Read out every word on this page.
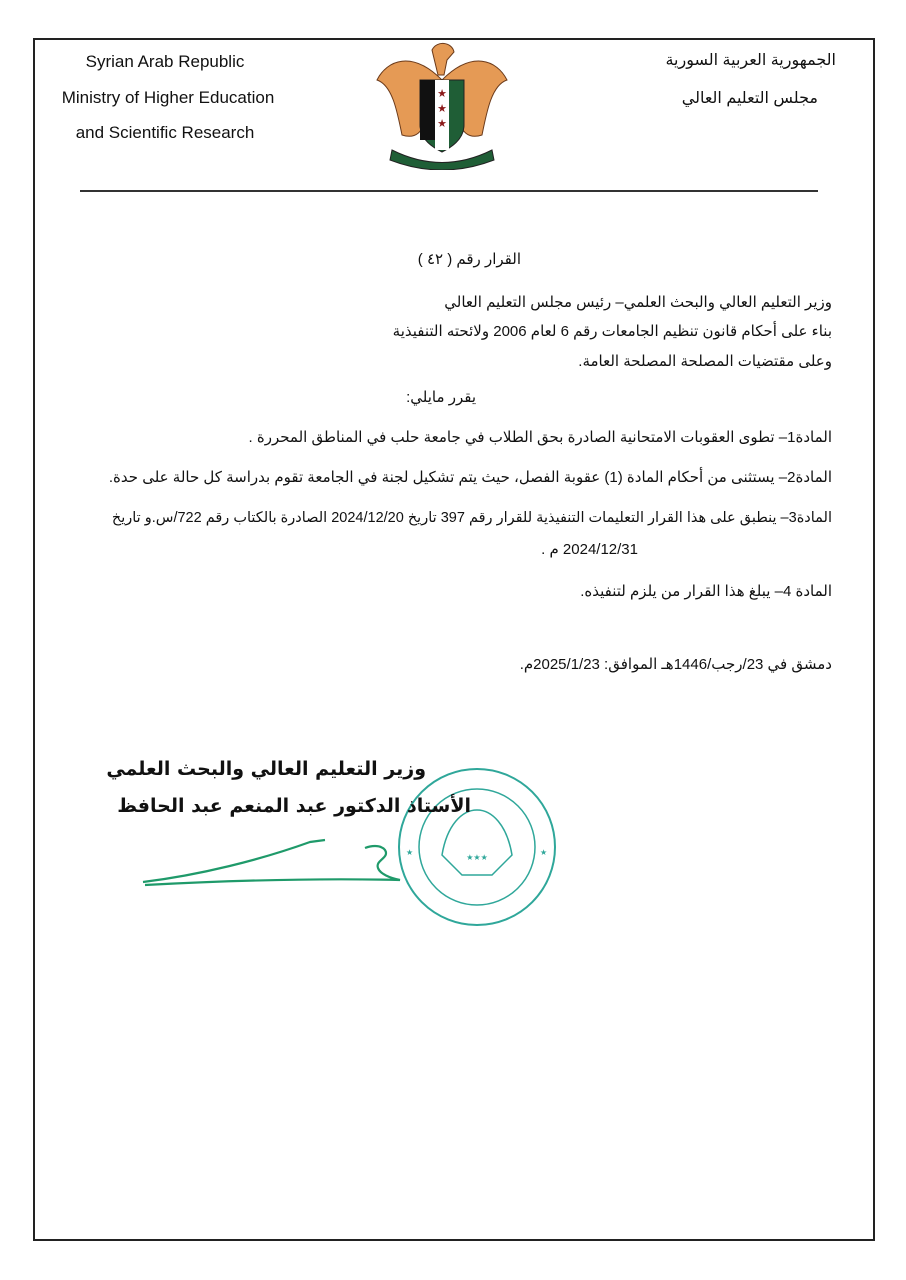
Syrian Arab Republic
Ministry of Higher Education
and Scientific Research
الجمهورية العربية السورية
مجلس التعليم العالي
★
★
★
القرار رقم ( ٤٢ )
وزير التعليم العالي والبحث العلمي– رئيس مجلس التعليم العالي
بناء على أحكام قانون تنظيم الجامعات رقم 6 لعام 2006 ولائحته التنفيذية
وعلى مقتضيات المصلحة المصلحة العامة.
يقرر مايلي:
المادة1– تطوى العقوبات الامتحانية الصادرة بحق الطلاب في جامعة حلب في المناطق المحررة .
المادة2– يستثنى من أحكام المادة (1) عقوبة الفصل، حيث يتم تشكيل لجنة في الجامعة تقوم بدراسة كل حالة على حدة.
المادة3– ينطبق على هذا القرار التعليمات التنفيذية للقرار رقم 397 تاريخ 2024/12/20 الصادرة بالكتاب رقم 722/س.و تاريخ
2024/12/31 م .
المادة 4– يبلغ هذا القرار من يلزم لتنفيذه.
دمشق في 23/رجب/1446هـ الموافق: 2025/1/23م.
★★★
★	★
وزير التعليم العالي والبحث العلمي
الأستاذ الدكتور عبد المنعم عبد الحافظ
